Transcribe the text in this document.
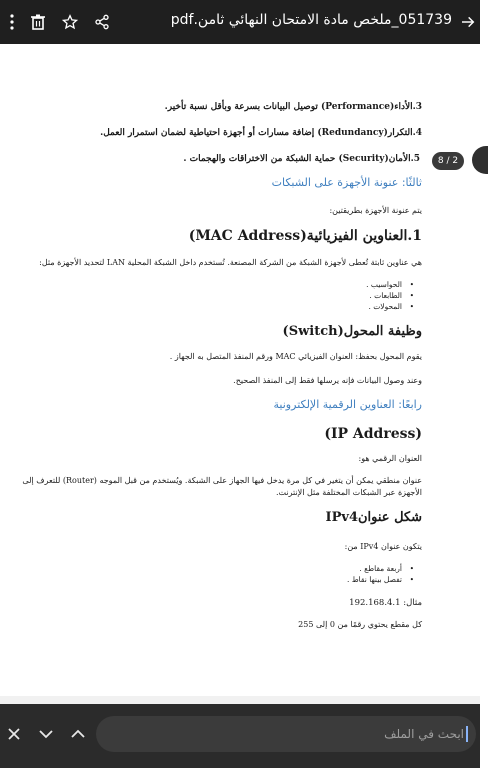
051739_ملخص مادة الامتحان النهائي ثامن.pdf
3.الأداء(Performance) توصيل البيانات بسرعة وبأقل نسبة تأخير.
4.التكرار(Redundancy) إضافة مسارات أو أجهزة احتياطية لضمان استمرار العمل.
5.الأمان(Security) حماية الشبكة من الاختراقات والهجمات .
ثالثًا: عنونة الأجهزة على الشبكات
يتم عنونة الأجهزة بطريقتين:
1.العناوين الفيزيائية(MAC Address)
هي عناوين ثابتة تُعطى لأجهزة الشبكة من الشركة المصنعة. تُستخدم داخل الشبكة المحلية LAN لتحديد الأجهزة مثل:
• الحواسيب .
• الطابعات .
• المحولات .
وظيفة المحول(Switch)
يقوم المحول بحفظ: العنوان الفيزيائي MAC ورقم المنفذ المتصل به الجهاز .
وعند وصول البيانات فإنه يرسلها فقط إلى المنفذ الصحيح.
رابعًا: العناوين الرقمية الإلكترونية
(IP Address)
العنوان الرقمي هو:
عنوان منطقي يمكن أن يتغير في كل مرة يدخل فيها الجهاز على الشبكة. ويُستخدم من قبل الموجه (Router) للتعرف إلى
الأجهزة عبر الشبكات المختلفة مثل الإنترنت.
شكل عنوانIPv4
يتكون عنوان IPv4 من:
• أربعة مقاطع .
• تفصل بينها نقاط .
مثال: 192.168.4.1
كل مقطع يحتوي رقمًا من 0 إلى 255
8 / 2
ابحث في الملف
